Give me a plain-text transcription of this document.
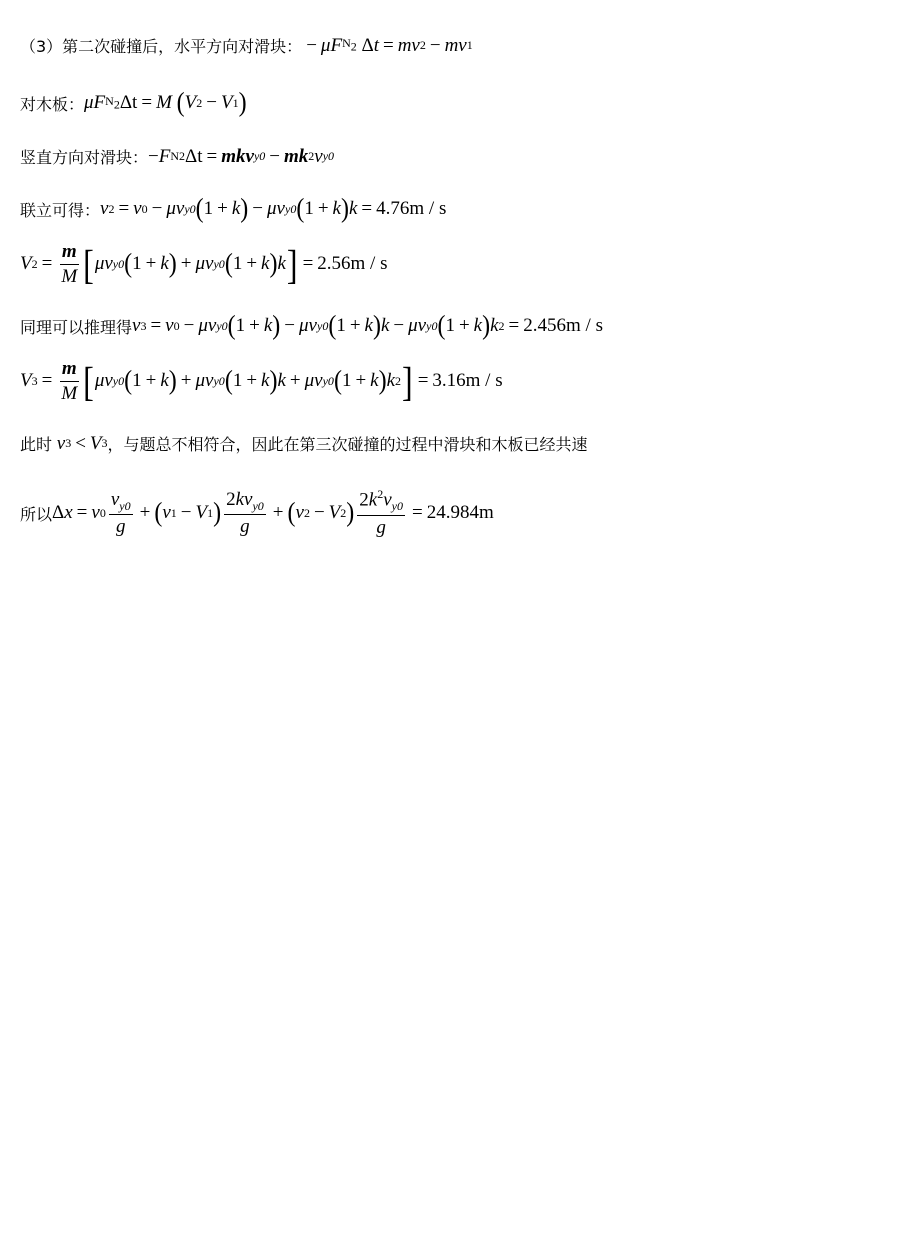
（3）第二次碰撞后，水平方向对滑块： − μF $N_2$ Δ t = mv 2 − mv 1
对木板： μF $N_2$ Δt = M
( V 2 − V 1 )
竖直方向对滑块： − F N2 Δt = mkv y0 − mk 2 v y0
联立可得： v 2 = v 0 − μv y0 ( 1 + k ) − μv y0 ( 1 + k ) k = 4.76m / s
V $2 = \frac{m}{M}$ [ μv y0 ( 1 + k ) + μv y0 ( 1 + k ) k ] = 2.56m / s
同理可以推理得 v 3 = v 0 − μv y0 ( 1 + k ) − μv y0 ( 1 + k ) k − μv y0 ( 1 + k ) k 2 = 2.456m / s
V $3 = \frac{m}{M}$ [ μv y0 ( 1 + k ) + μv y0 ( 1 + k ) k + μv y0 ( 1 + k ) k 2 ] = 3.16m / s
此时
v 3 < V 3 ，与题总不相符合，因此在第三次碰撞的过程中滑块和木板已经共速
所以 Δ x = v $0 \frac{v_{y0}}{g}$ + ( v 1 − V 1 ) $\frac{2kv_{y0}}{g}$ + ( v 2 − V 2 ) $\frac{2k^2v_{y0}}{g} = 24.984m$
